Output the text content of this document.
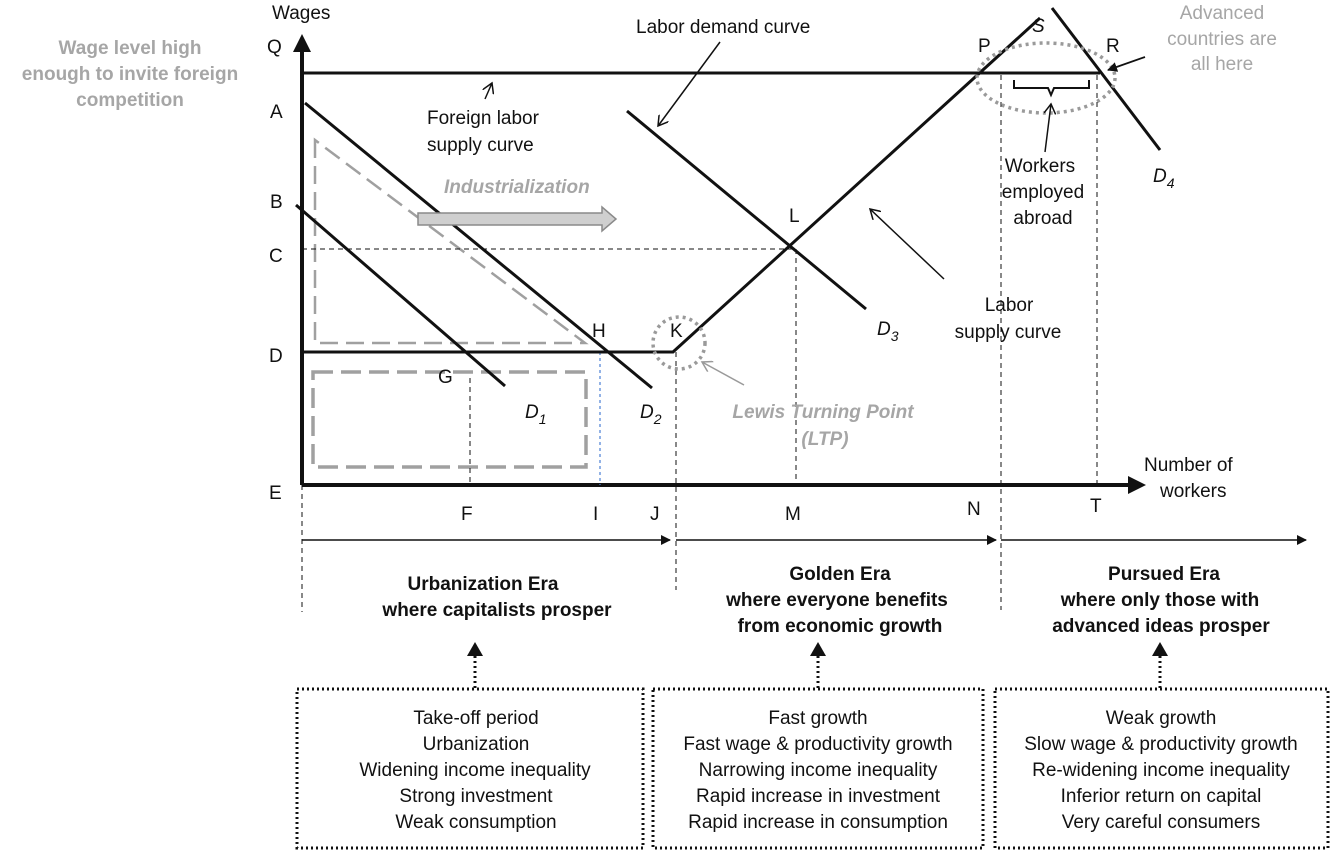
Wages
Number of
workers
Q
A
B
C
D
E
G
H	K
L
P	R
S
F	I	J	M	N	T
$D_1$	$D_2$
$D_3$
$D_4$
Wage level high
enough to invite foreign
competition
Labor demand curve
Foreign labor
supply curve
Industrialization
Labor
supply curve
Lewis Turning Point
(LTP)
Workers
employed
abroad
Advanced
countries are
all here
Urbanization Era
where capitalists prosper
Golden Era
where everyone benefits
from economic growth
Pursued Era
where only those with
advanced ideas prosper
Take-off period
Urbanization
Widening income inequality
Strong investment
Weak consumption
Fast growth
Fast wage & productivity growth
Narrowing income inequality
Rapid increase in investment
Rapid increase in consumption
Weak growth
Slow wage & productivity growth
Re-widening income inequality
Inferior return on capital
Very careful consumers
